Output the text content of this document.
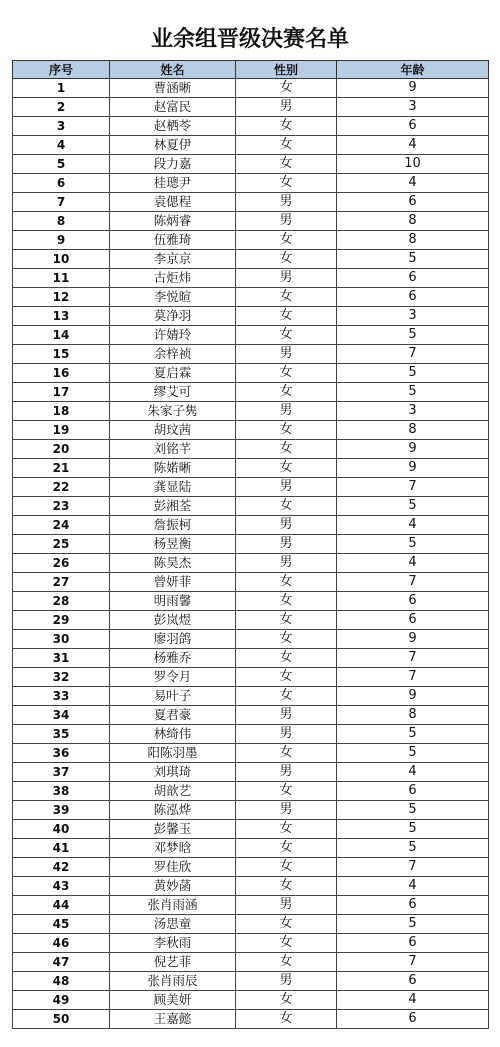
业余组晋级决赛名单
序号	姓名	性别	年龄
1	曹涵晰	女	9
2	赵富民	男	3
3	赵栖苓	女	6
4	林夏伊	女	4
5	段力嘉	女	10
6	桂璁尹	女	4
7	袁偲程	男	6
8	陈炳睿	男	8
9	伍雅琦	女	8
10	李京京	女	5
11	古炬炜	男	6
12	李悦暄	女	6
13	莫净羽	女	3
14	许婧玲	女	5
15	余梓祯	男	7
16	夏启霖	女	5
17	缪艾可	女	5
18	朱家子隽	男	3
19	胡玟茜	女	8
20	刘铭芊	女	9
21	陈婼晰	女	9
22	龚显陆	男	7
23	彭湘荃	女	5
24	詹振柯	男	4
25	杨昱衡	男	5
26	陈昊杰	男	4
27	曾妍菲	女	7
28	明雨馨	女	6
29	彭岚煜	女	6
30	廖羽鸽	女	9
31	杨雅乔	女	7
32	罗令月	女	7
33	易叶子	女	9
34	夏君豪	男	8
35	林绮伟	男	5
36	阳陈羽墨	女	5
37	刘琪琦	男	4
38	胡歆艺	女	6
39	陈泓烨	男	5
40	彭馨玉	女	5
41	邓梦晗	女	5
42	罗佳欣	女	7
43	黄妙菡	女	4
44	张肖雨涵	男	6
45	汤思童	女	5
46	李秋雨	女	6
47	倪艺菲	女	7
48	张肖雨辰	男	6
49	顾美妍	女	4
50	王嘉懿	女	6
